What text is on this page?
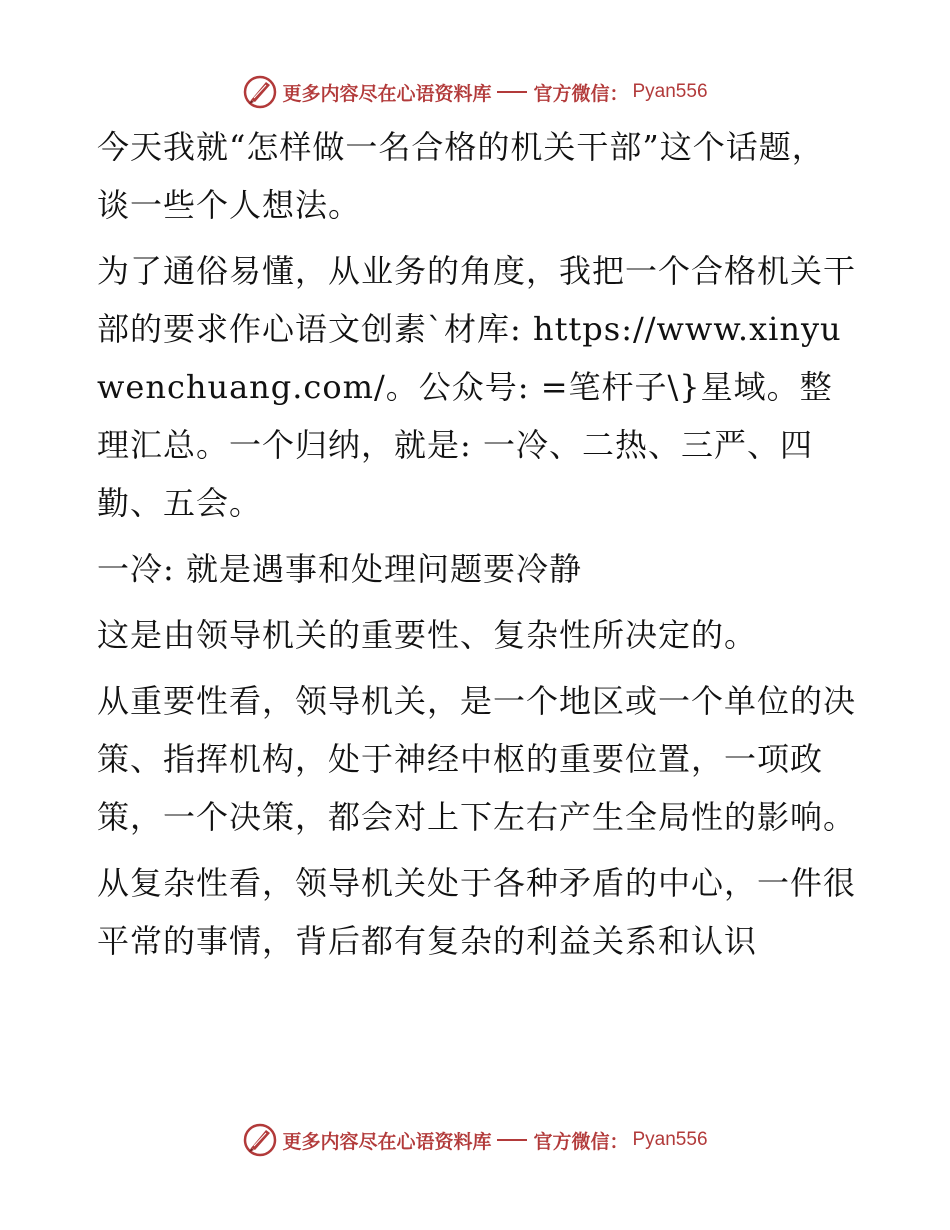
更多内容尽在心语资料库 官方微信： Pyan556

今天我就“怎样做一名合格的机关干部”这个话题，谈一些个人想法。

为了通俗易懂，从业务的角度，我把一个合格机关干部的要求作心语文创素`材库: https://www.xinyuwenchuang.com/。公众号: =笔杆子\}星域。整理汇总。一个归纳，就是: 一冷、二热、三严、四勤、五会。

一冷: 就是遇事和处理问题要冷静

这是由领导机关的重要性、复杂性所决定的。

从重要性看，领导机关，是一个地区或一个单位的决策、指挥机构，处于神经中枢的重要位置，一项政策，一个决策，都会对上下左右产生全局性的影响。

从复杂性看，领导机关处于各种矛盾的中心，一件很平常的事情，背后都有复杂的利益关系和认识

更多内容尽在心语资料库 官方微信： Pyan556
